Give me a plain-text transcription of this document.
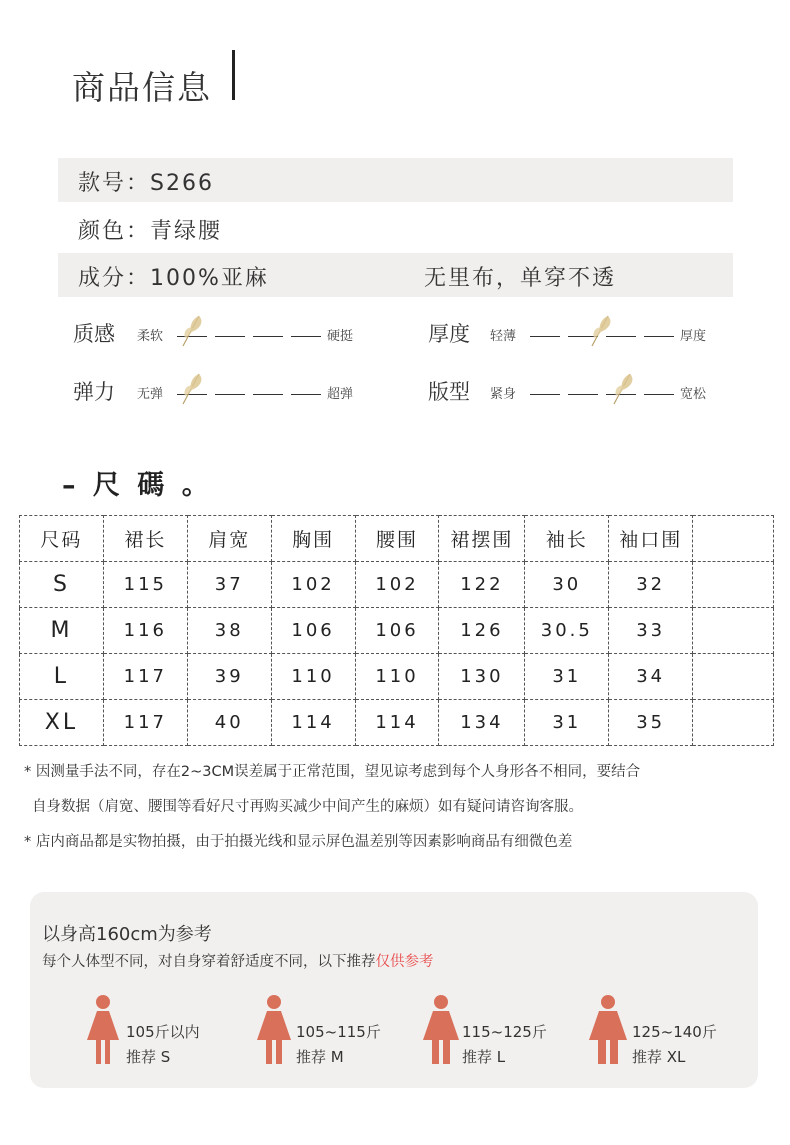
商品信息
款号：S266
颜色：青绿腰
成分：100%亚麻	无里布，单穿不透
质感 柔软	硬挺	厚度 轻薄	厚度
弹力 无弹	超弹	版型 紧身	宽松
– 尺 碼 。
尺码	裙长	肩宽	胸围	腰围	裙摆围	袖长	袖口围	
S	115	37	102	102	122	30	32	
M	116	38	106	106	126	30.5	33	
L	117	39	110	110	130	31	34	
XL	117	40	114	114	134	31	35	
* 因测量手法不同，存在2~3CM误差属于正常范围，望见谅考虑到每个人身形各不相同，要结合
自身数据（肩宽、腰围等看好尺寸再购买减少中间产生的麻烦）如有疑问请咨询客服。
* 店内商品都是实物拍摄，由于拍摄光线和显示屏色温差别等因素影响商品有细微色差
以身高160cm为参考
每个人体型不同，对自身穿着舒适度不同，以下推荐仅供参考
105斤以内
推荐 S
105~115斤
推荐 M
115~125斤
推荐 L
125~140斤
推荐 XL
